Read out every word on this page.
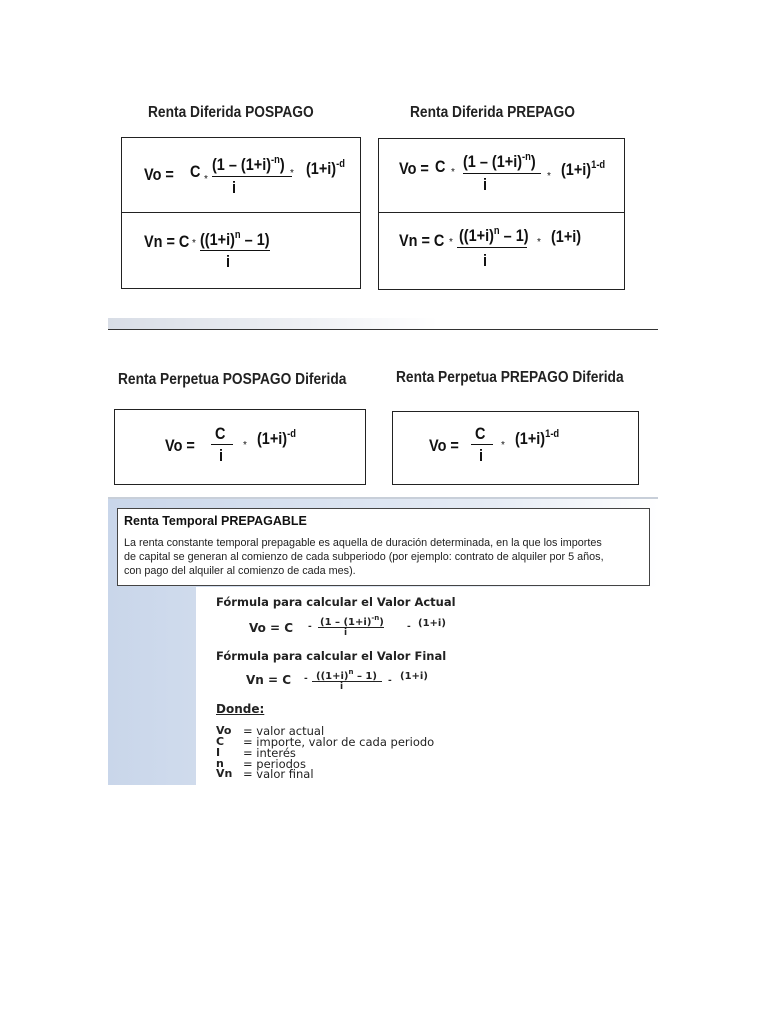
Renta Diferida POSPAGO
Vo = C *
$(1 - (1+i)^{-n})$
i
* $(1+i)^{-d}$
$Vn = C * ((1+i)^n - 1)$
i
Renta Diferida PREPAGO
Vo = C *
$(1 - (1+i)^{-n})$
i	* $(1+i)^{1-d}$
$Vn = C * ((1+i)^n - 1)$
i
* (1+i)
Renta Perpetua POSPAGO Diferida
Vo =
C
i
* $(1+i)^{-d}$
Renta Perpetua PREPAGO Diferida
Vo =
C
i
* $(1+i)^{1-d}$
Renta Temporal PREPAGABLE
La renta constante temporal prepagable es aquella de duración determinada, en la que los importes
de capital se generan al comienzo de cada subperiodo (por ejemplo: contrato de alquiler por 5 años,
con pago del alquiler al comienzo de cada mes).
Fórmula para calcular el Valor Actual
$Vo = C - (1 - (1+i)^{-n})$
i
- (1+i)
Fórmula para calcular el Valor Final
$Vn = C - ((1+i)^n - 1)$
i
- (1+i)
Donde:
Vo = valor actual
C = importe, valor de cada periodo
I = interés
n = periodos
Vn = valor final
